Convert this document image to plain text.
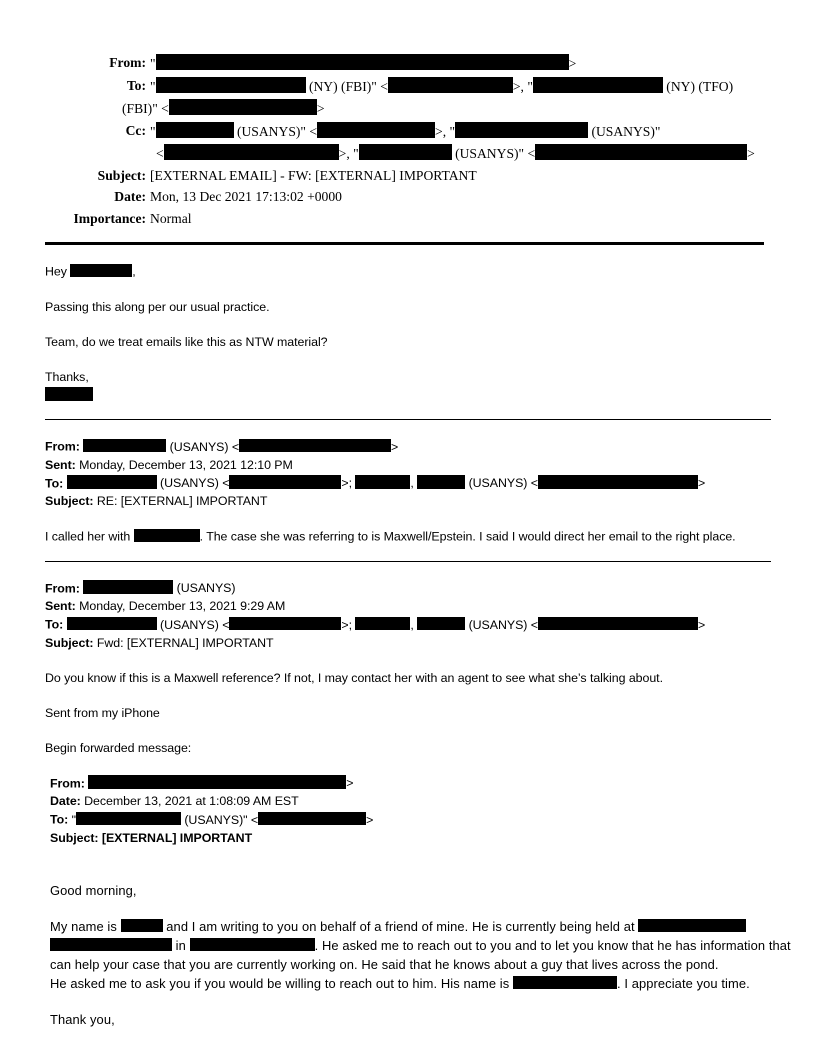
From: "	>
To: "	(NY) (FBI)" <	>, "	(NY) (TFO)
(FBI)" <	>
Cc: "	(USANYS)" <	>, "	(USANYS)"
<	>, "	(USANYS)" <	>
Subject: [EXTERNAL EMAIL] - FW: [EXTERNAL] IMPORTANT
Date: Mon, 13 Dec 2021 17:13:02 +0000
Importance: Normal
Hey	,
Passing this along per our usual practice.
Team, do we treat emails like this as NTW material?
Thanks,
From:	(USANYS) <	>
Sent: Monday, December 13, 2021 12:10 PM
To:	(USANYS) <	>;	,	(USANYS) <	>
Subject: RE: [EXTERNAL] IMPORTANT
I called her with	. The case she was referring to is Maxwell/Epstein. I said I would direct her email to the right place.
From:	(USANYS)
Sent: Monday, December 13, 2021 9:29 AM
To:	(USANYS) <	>;	,	(USANYS) <	>
Subject: Fwd: [EXTERNAL] IMPORTANT
Do you know if this is a Maxwell reference? If not, I may contact her with an agent to see what she’s talking about.
Sent from my iPhone
Begin forwarded message:
From:	>
Date: December 13, 2021 at 1:08:09 AM EST
To: "	(USANYS)" <	>
Subject: [EXTERNAL] IMPORTANT
Good morning,
My name is	and I am writing to you on behalf of a friend of mine. He is currently being held at
in	. He asked me to reach out to you and to let you know that he has information that
can help your case that you are currently working on. He said that he knows about a guy that lives across the pond.
He asked me to ask you if you would be willing to reach out to him. His name is	. I appreciate you time.
Thank you,
